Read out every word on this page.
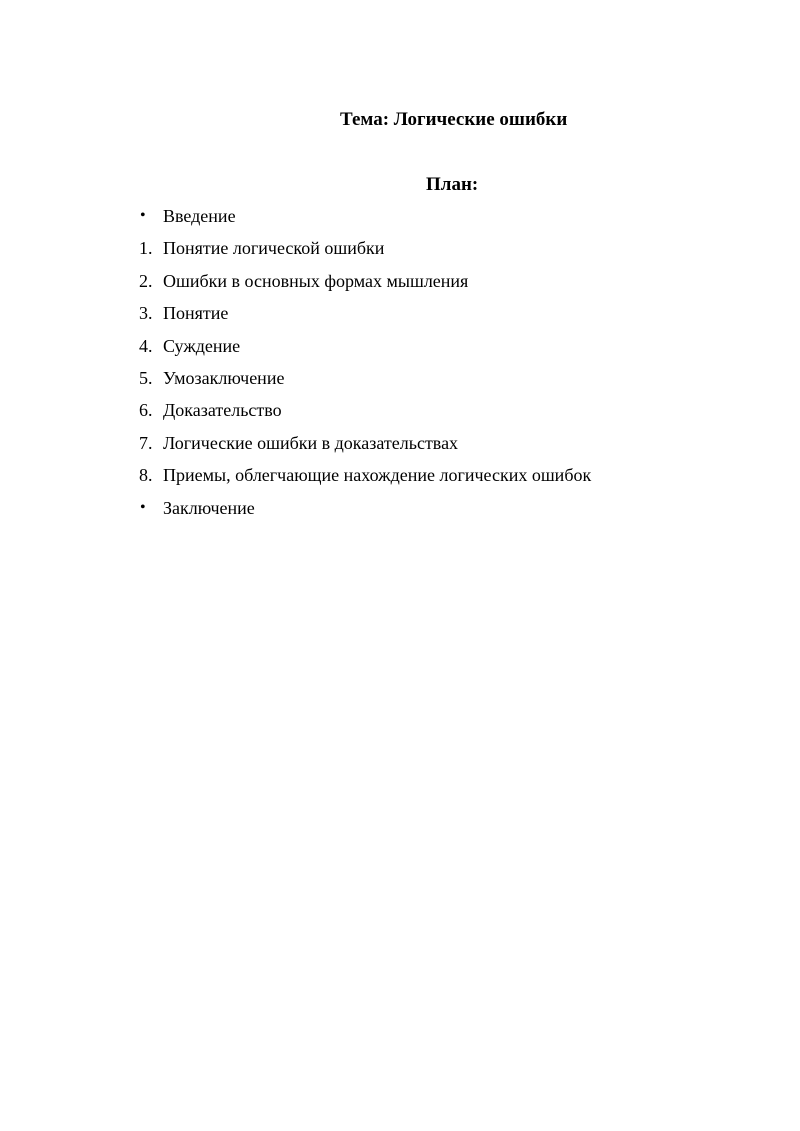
Тема: Логические ошибки
План:
• Введение
1. Понятие логической ошибки
2. Ошибки в основных формах мышления
3. Понятие
4. Суждение
5. Умозаключение
6. Доказательство
7. Логические ошибки в доказательствах
8. Приемы, облегчающие нахождение логических ошибок
• Заключение
